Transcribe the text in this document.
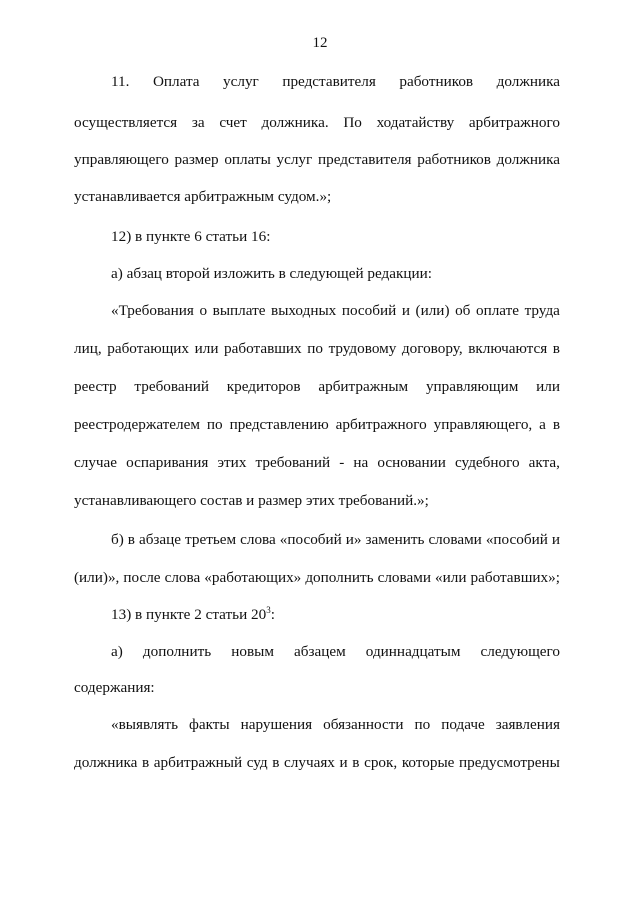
12
11. Оплата услуг представителя работников должника
осуществляется за счет должника. По ходатайству арбитражного
управляющего размер оплаты услуг представителя работников должника
устанавливается арбитражным судом.»;
12) в пункте 6 статьи 16:
а) абзац второй изложить в следующей редакции:
«Требования о выплате выходных пособий и (или) об оплате труда
лиц, работающих или работавших по трудовому договору, включаются в
реестр требований кредиторов арбитражным управляющим или
реестродержателем по представлению арбитражного управляющего, а в
случае оспаривания этих требований - на основании судебного акта,
устанавливающего состав и размер этих требований.»;
б) в абзаце третьем слова «пособий и» заменить словами «пособий и
(или)», после слова «работающих» дополнить словами «или работавших»;
13) в пункте 2 статьи $20^3$:
а) дополнить новым абзацем одиннадцатым следующего
содержания:
«выявлять факты нарушения обязанности по подаче заявления
должника в арбитражный суд в случаях и в срок, которые предусмотрены
